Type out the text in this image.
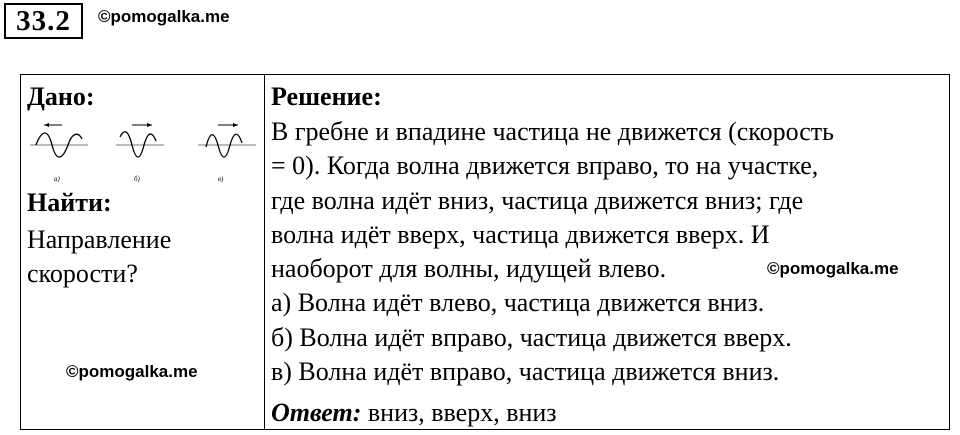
33.2	©pomogalka.me
Дано:
а)	б)	в)
Найти:
Направление
скорости?
©pomogalka.me
Решение:
В гребне и впадине частица не движется (скорость
= 0). Когда волна движется вправо, то на участке,
где волна идёт вниз, частица движется вниз; где
волна идёт вверх, частица движется вверх. И
наоборот для волны, идущей влево.
а) Волна идёт влево, частица движется вниз.
б) Волна идёт вправо, частица движется вверх.
в) Волна идёт вправо, частица движется вниз.
©pomogalka.me
Ответ: вниз, вверх, вниз
